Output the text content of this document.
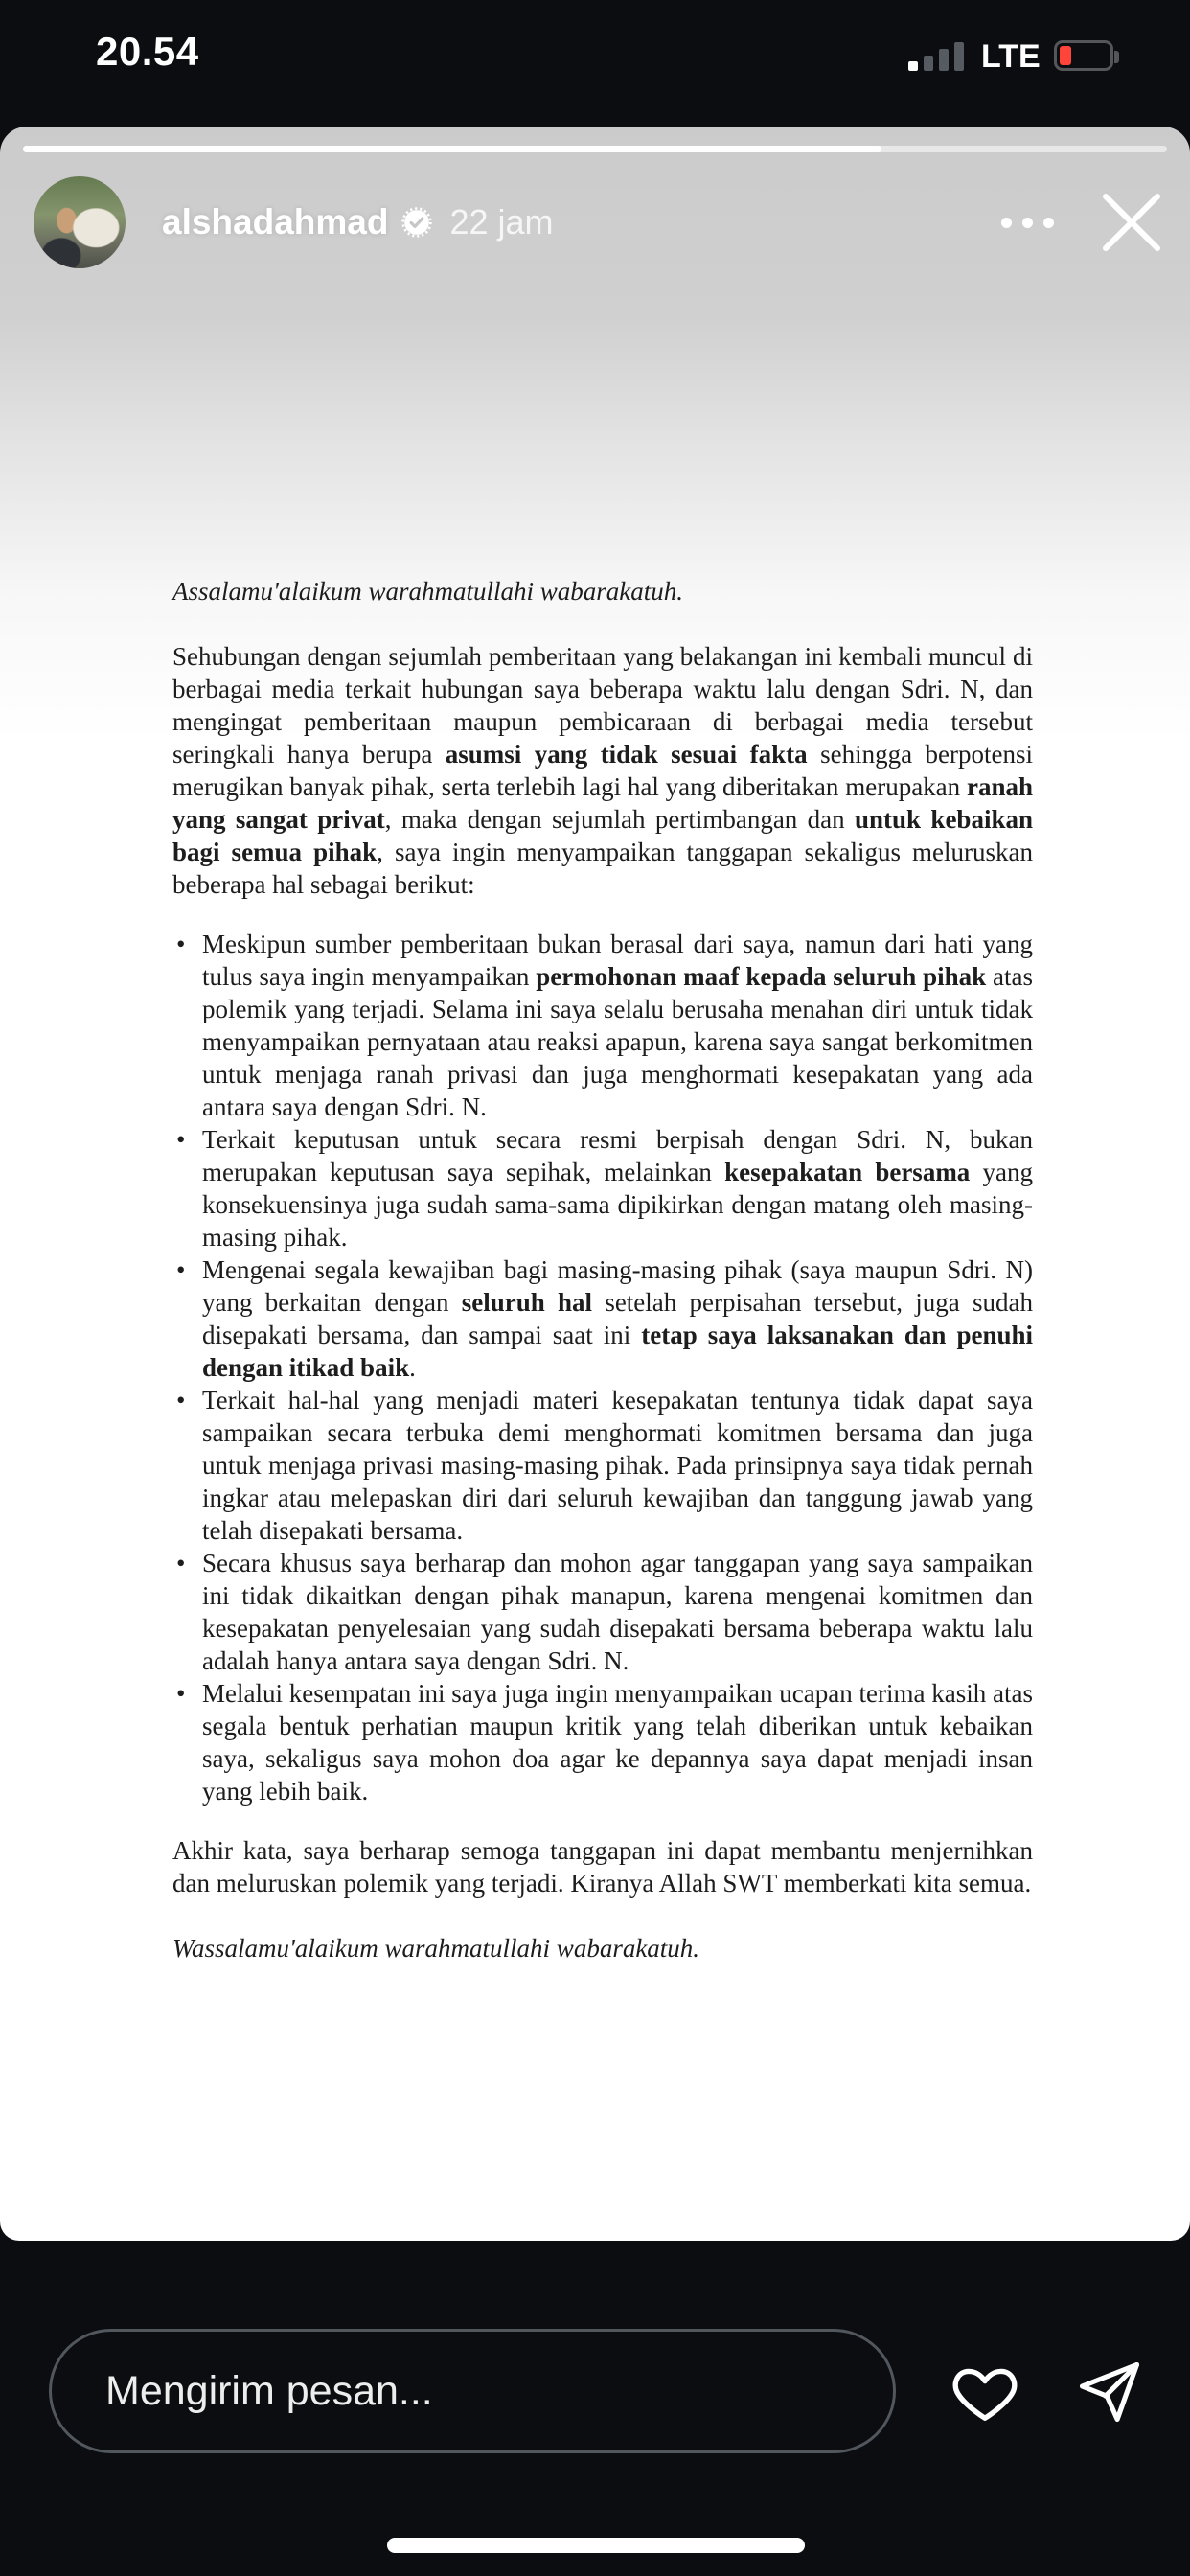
20.54	LTE
alshadahmad 22 jam

Assalamu'alaikum warahmatullahi wabarakatuh.

Sehubungan dengan sejumlah pemberitaan yang belakangan ini kembali muncul di berbagai media terkait hubungan saya beberapa waktu lalu dengan Sdri. N, dan mengingat pemberitaan maupun pembicaraan di berbagai media tersebut seringkali hanya berupa asumsi yang tidak sesuai fakta sehingga berpotensi merugikan banyak pihak, serta terlebih lagi hal yang diberitakan merupakan ranah yang sangat privat, maka dengan sejumlah pertimbangan dan untuk kebaikan bagi semua pihak, saya ingin menyampaikan tanggapan sekaligus meluruskan beberapa hal sebagai berikut:

• Meskipun sumber pemberitaan bukan berasal dari saya, namun dari hati yang tulus saya ingin menyampaikan permohonan maaf kepada seluruh pihak atas polemik yang terjadi. Selama ini saya selalu berusaha menahan diri untuk tidak menyampaikan pernyataan atau reaksi apapun, karena saya sangat berkomitmen untuk menjaga ranah privasi dan juga menghormati kesepakatan yang ada antara saya dengan Sdri. N.
• Terkait keputusan untuk secara resmi berpisah dengan Sdri. N, bukan merupakan keputusan saya sepihak, melainkan kesepakatan bersama yang konsekuensinya juga sudah sama-sama dipikirkan dengan matang oleh masing-masing pihak.
• Mengenai segala kewajiban bagi masing-masing pihak (saya maupun Sdri. N) yang berkaitan dengan seluruh hal setelah perpisahan tersebut, juga sudah disepakati bersama, dan sampai saat ini tetap saya laksanakan dan penuhi dengan itikad baik.
• Terkait hal-hal yang menjadi materi kesepakatan tentunya tidak dapat saya sampaikan secara terbuka demi menghormati komitmen bersama dan juga untuk menjaga privasi masing-masing pihak. Pada prinsipnya saya tidak pernah ingkar atau melepaskan diri dari seluruh kewajiban dan tanggung jawab yang telah disepakati bersama.
• Secara khusus saya berharap dan mohon agar tanggapan yang saya sampaikan ini tidak dikaitkan dengan pihak manapun, karena mengenai komitmen dan kesepakatan penyelesaian yang sudah disepakati bersama beberapa waktu lalu adalah hanya antara saya dengan Sdri. N.
• Melalui kesempatan ini saya juga ingin menyampaikan ucapan terima kasih atas segala bentuk perhatian maupun kritik yang telah diberikan untuk kebaikan saya, sekaligus saya mohon doa agar ke depannya saya dapat menjadi insan yang lebih baik.

Akhir kata, saya berharap semoga tanggapan ini dapat membantu menjernihkan dan meluruskan polemik yang terjadi. Kiranya Allah SWT memberkati kita semua.

Wassalamu'alaikum warahmatullahi wabarakatuh.

Mengirim pesan...
